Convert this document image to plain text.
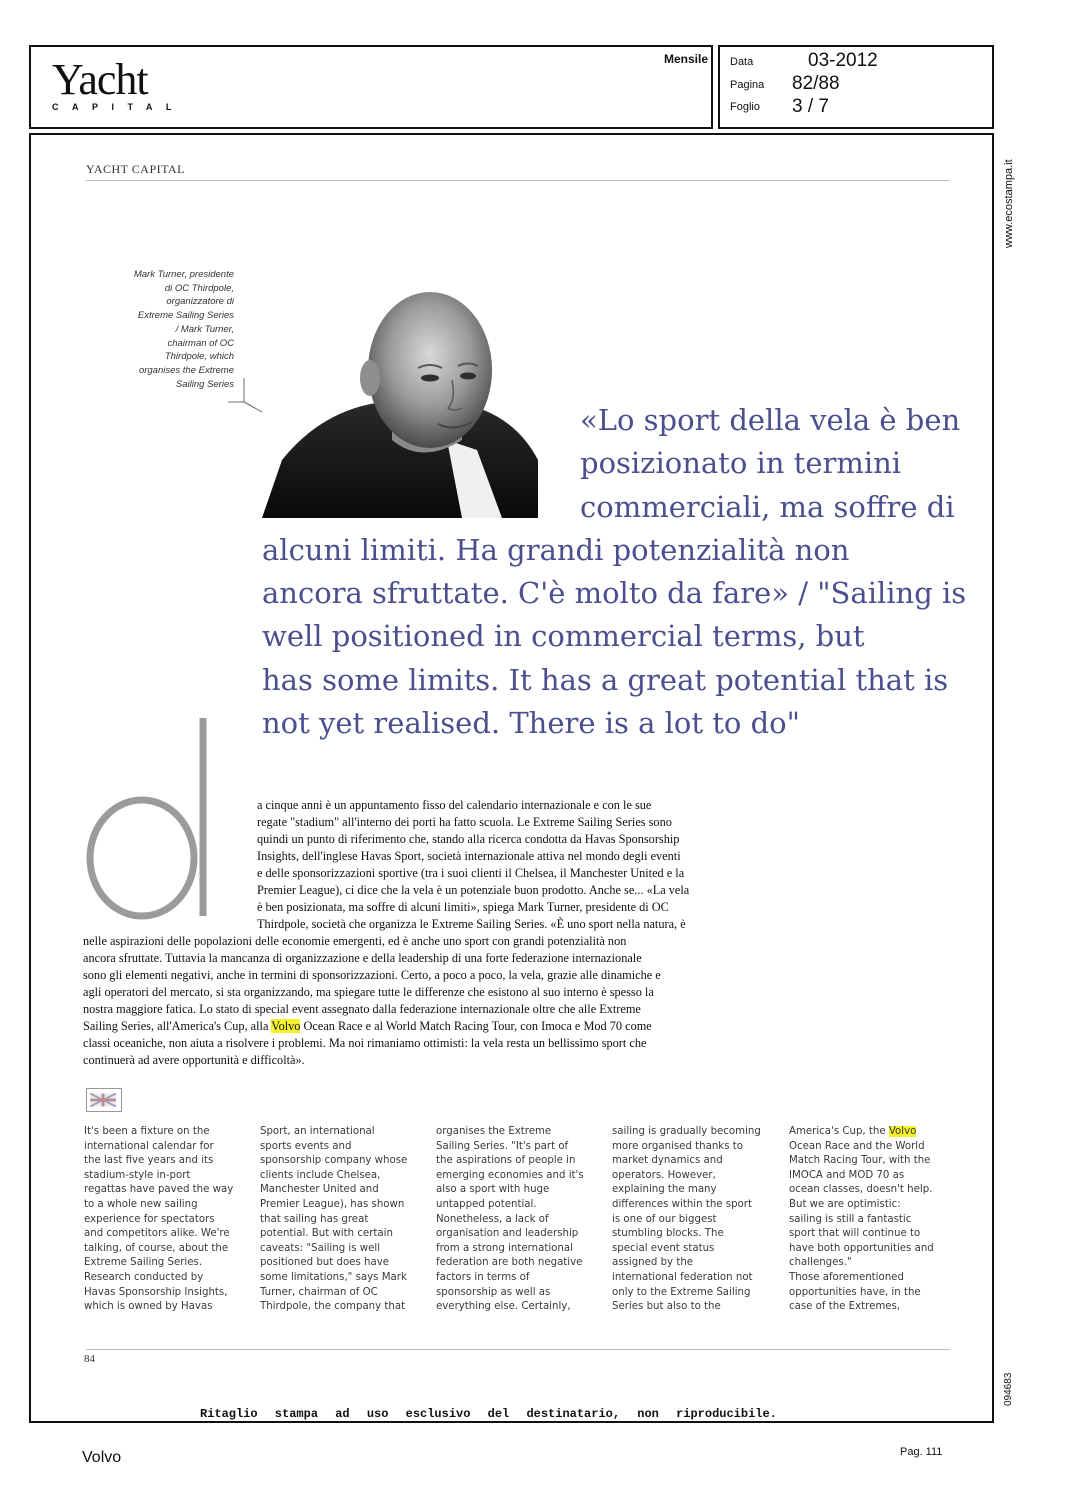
Yacht
CAPITAL
Mensile Data	03-2012
Pagina 82/88
Foglio 3 / 7
www.ecostampa.it
094683
YACHT CAPITAL
Mark Turner, presidente
di OC Thirdpole,
organizzatore di
Extreme Sailing Series
/ Mark Turner,
chairman of OC
Thirdpole, which
organises the Extreme
Sailing Series
«Lo sport della vela è ben
posizionato in termini
commerciali, ma soffre di
alcuni limiti. Ha grandi potenzialità non
ancora sfruttate. C'è molto da fare» / "Sailing is
well positioned in commercial terms, but
has some limits. It has a great potential that is
not yet realised. There is a lot to do"
a cinque anni è un appuntamento fisso del calendario internazionale e con le sue
regate "stadium" all'interno dei porti ha fatto scuola. Le Extreme Sailing Series sono
quindi un punto di riferimento che, stando alla ricerca condotta da Havas Sponsorship
Insights, dell'inglese Havas Sport, società internazionale attiva nel mondo degli eventi
e delle sponsorizzazioni sportive (tra i suoi clienti il Chelsea, il Manchester United e la
Premier League), ci dice che la vela è un potenziale buon prodotto. Anche se... «La vela
è ben posizionata, ma soffre di alcuni limiti», spiega Mark Turner, presidente di OC
Thirdpole, società che organizza le Extreme Sailing Series. «È uno sport nella natura, è
nelle aspirazioni delle popolazioni delle economie emergenti, ed è anche uno sport con grandi potenzialità non
ancora sfruttate. Tuttavia la mancanza di organizzazione e della leadership di una forte federazione internazionale
sono gli elementi negativi, anche in termini di sponsorizzazioni. Certo, a poco a poco, la vela, grazie alle dinamiche e
agli operatori del mercato, si sta organizzando, ma spiegare tutte le differenze che esistono al suo interno è spesso la
nostra maggiore fatica. Lo stato di special event assegnato dalla federazione internazionale oltre che alle Extreme
Sailing Series, all'America's Cup, alla Volvo Ocean Race e al World Match Racing Tour, con Imoca e Mod 70 come
classi oceaniche, non aiuta a risolvere i problemi. Ma noi rimaniamo ottimisti: la vela resta un bellissimo sport che
continuerà ad avere opportunità e difficoltà».
It's been a fixture on the
international calendar for
the last five years and its
stadium-style in-port
regattas have paved the way
to a whole new sailing
experience for spectators
and competitors alike. We're
talking, of course, about the
Extreme Sailing Series.
Research conducted by
Havas Sponsorship Insights,
which is owned by Havas
Sport, an international
sports events and
sponsorship company whose
clients include Chelsea,
Manchester United and
Premier League), has shown
that sailing has great
potential. But with certain
caveats: "Sailing is well
positioned but does have
some limitations," says Mark
Turner, chairman of OC
Thirdpole, the company that
organises the Extreme
Sailing Series. "It's part of
the aspirations of people in
emerging economies and it's
also a sport with huge
untapped potential.
Nonetheless, a lack of
organisation and leadership
from a strong international
federation are both negative
factors in terms of
sponsorship as well as
everything else. Certainly,
sailing is gradually becoming
more organised thanks to
market dynamics and
operators. However,
explaining the many
differences within the sport
is one of our biggest
stumbling blocks. The
special event status
assigned by the
international federation not
only to the Extreme Sailing
Series but also to the
America's Cup, the Volvo
Ocean Race and the World
Match Racing Tour, with the
IMOCA and MOD 70 as
ocean classes, doesn't help.
But we are optimistic:
sailing is still a fantastic
sport that will continue to
have both opportunities and
challenges."
Those aforementioned
opportunities have, in the
case of the Extremes,
84
Ritaglio stampa ad uso esclusivo del destinatario, non riproducibile.
Volvo	Pag. 111
